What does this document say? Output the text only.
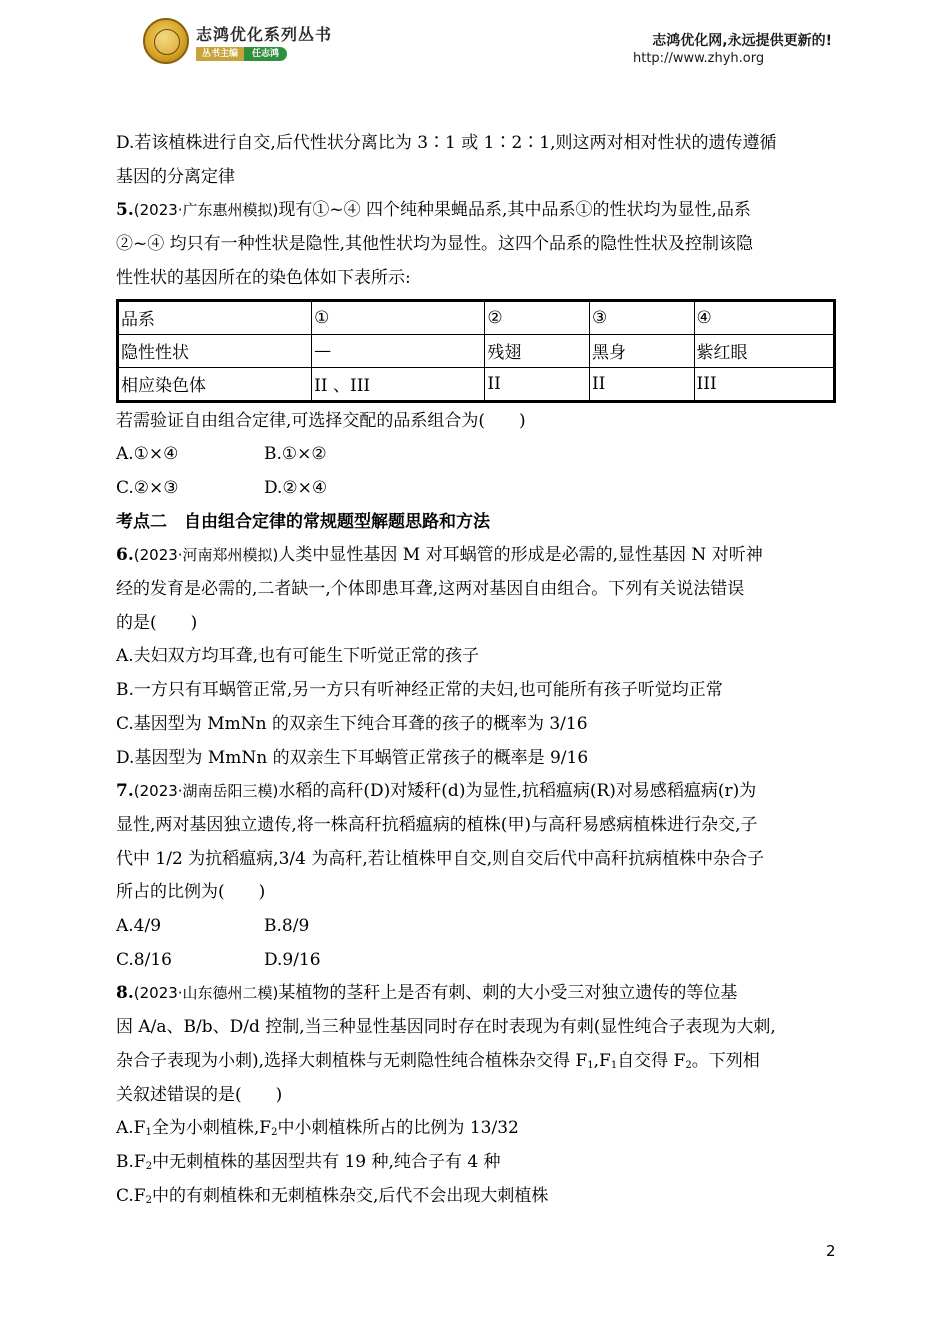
志鸿优化系列丛书
丛书主编	任志鸿
志鸿优化网,永远提供更新的!
http://www.zhyh.org
D.若该植株进行自交,后代性状分离比为 3∶1 或 1∶2∶1,则这两对相对性状的遗传遵循
基因的分离定律
5.(2023·广东惠州模拟)现有①~④ 四个纯种果蝇品系,其中品系①的性状均为显性,品系
②~④ 均只有一种性状是隐性,其他性状均为显性。这四个品系的隐性性状及控制该隐
性性状的基因所在的染色体如下表所示:
品系	①	②	③	④
隐性性状	—	残翅	黑身	紫红眼
相应染色体	II 、III	II	II	III
若需验证自由组合定律,可选择交配的品系组合为(　　)
A.①×④	B.①×②
C.②×③	D.②×④
考点二　自由组合定律的常规题型解题思路和方法
6.(2023·河南郑州模拟)人类中显性基因 M 对耳蜗管的形成是必需的,显性基因 N 对听神
经的发育是必需的,二者缺一,个体即患耳聋,这两对基因自由组合。下列有关说法错误
的是(　　)
A.夫妇双方均耳聋,也有可能生下听觉正常的孩子
B.一方只有耳蜗管正常,另一方只有听神经正常的夫妇,也可能所有孩子听觉均正常
C.基因型为 MmNn 的双亲生下纯合耳聋的孩子的概率为 3/16
D.基因型为 MmNn 的双亲生下耳蜗管正常孩子的概率是 9/16
7.(2023·湖南岳阳三模)水稻的高秆(D)对矮秆(d)为显性,抗稻瘟病(R)对易感稻瘟病(r)为
显性,两对基因独立遗传,将一株高秆抗稻瘟病的植株(甲)与高秆易感病植株进行杂交,子
代中 1/2 为抗稻瘟病,3/4 为高秆,若让植株甲自交,则自交后代中高秆抗病植株中杂合子
所占的比例为(　　)
A.4/9	B.8/9
C.8/16	D.9/16
8.(2023·山东德州二模)某植物的茎秆上是否有刺、刺的大小受三对独立遗传的等位基
因 A/a、B/b、D/d 控制,当三种显性基因同时存在时表现为有刺(显性纯合子表现为大刺,
杂合子表现为小刺),选择大刺植株与无刺隐性纯合植株杂交得 $F_1,F_1$自交得 $F_2$。下列相
关叙述错误的是(　　)
$A.F_1$全为小刺植株$,F_2$中小刺植株所占的比例为 13/32
$B.F_2$中无刺植株的基因型共有 19 种,纯合子有 4 种
$C.F_2$中的有刺植株和无刺植株杂交,后代不会出现大刺植株
2
